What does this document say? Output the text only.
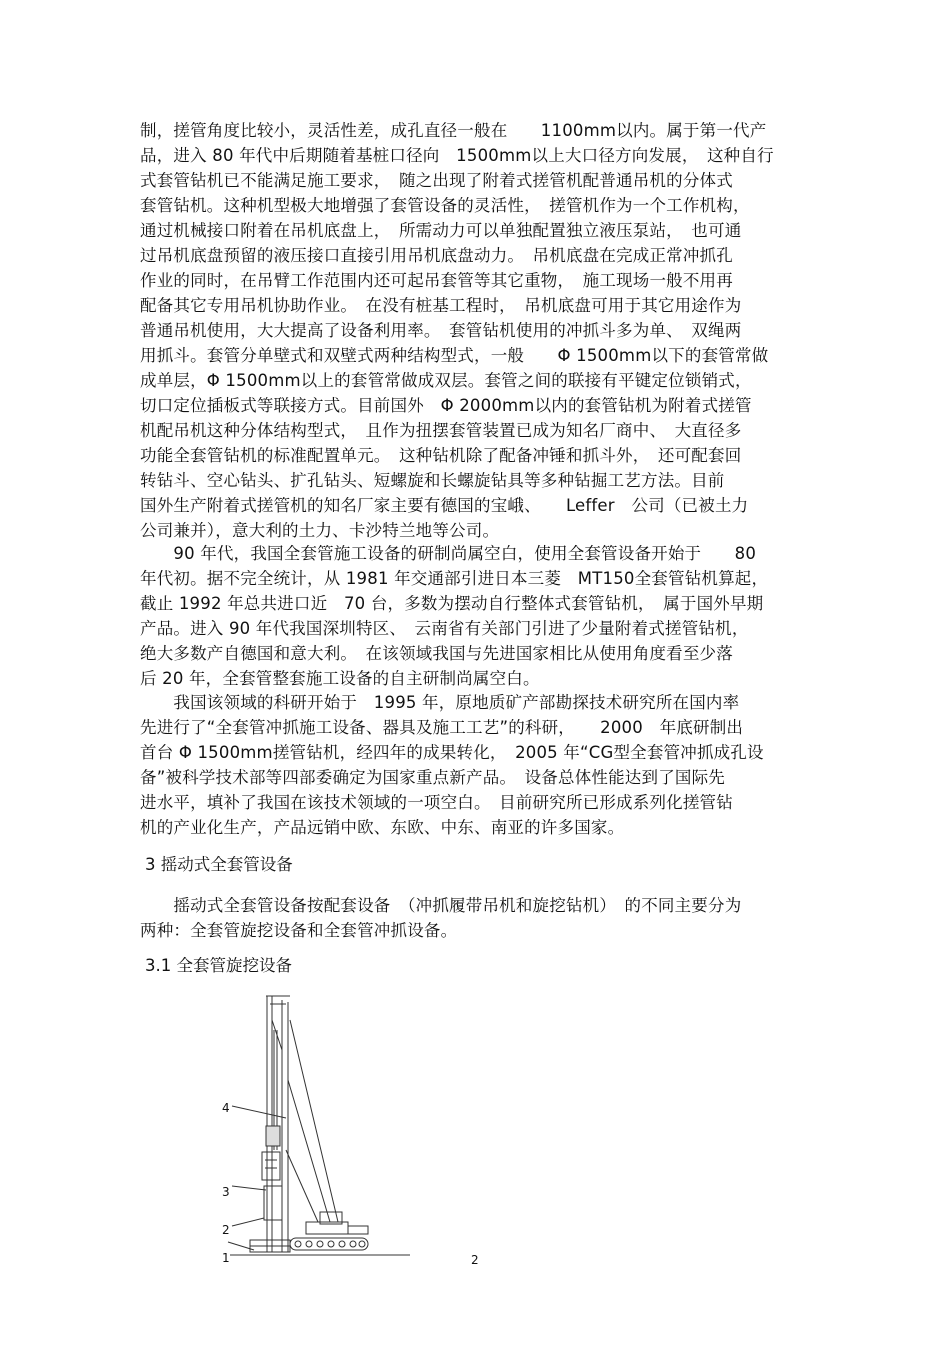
制，搓管角度比较小，灵活性差，成孔直径一般在　　1100mm以内。属于第一代产
品，进入 80 年代中后期随着基桩口径向　1500mm以上大口径方向发展，　这种自行
式套管钻机已不能满足施工要求，　随之出现了附着式搓管机配普通吊机的分体式
套管钻机。这种机型极大地增强了套管设备的灵活性，　搓管机作为一个工作机构，
通过机械接口附着在吊机底盘上，　所需动力可以单独配置独立液压泵站，　也可通
过吊机底盘预留的液压接口直接引用吊机底盘动力。　吊机底盘在完成正常冲抓孔
作业的同时，在吊臂工作范围内还可起吊套管等其它重物，　施工现场一般不用再
配备其它专用吊机协助作业。　在没有桩基工程时，　吊机底盘可用于其它用途作为
普通吊机使用，大大提高了设备利用率。　套管钻机使用的冲抓斗多为单、　双绳两
用抓斗。套管分单壁式和双壁式两种结构型式，一般　　Φ 1500mm以下的套管常做
成单层，Φ 1500mm以上的套管常做成双层。套管之间的联接有平键定位锁销式，
切口定位插板式等联接方式。目前国外　Φ 2000mm以内的套管钻机为附着式搓管
机配吊机这种分体结构型式，　且作为扭摆套管装置已成为知名厂商中、　大直径多
功能全套管钻机的标准配置单元。　这种钻机除了配备冲锤和抓斗外，　还可配套回
转钻斗、空心钻头、扩孔钻头、短螺旋和长螺旋钻具等多种钻掘工艺方法。目前
国外生产附着式搓管机的知名厂家主要有德国的宝峨、　　Leffer　公司（已被土力
公司兼并），意大利的土力、卡沙特兰地等公司。
　　90 年代，我国全套管施工设备的研制尚属空白，使用全套管设备开始于　　80
年代初。据不完全统计，从 1981 年交通部引进日本三菱　MT150全套管钻机算起，
截止 1992 年总共进口近　70 台，多数为摆动自行整体式套管钻机，　属于国外早期
产品。进入 90 年代我国深圳特区、　云南省有关部门引进了少量附着式搓管钻机，
绝大多数产自德国和意大利。　在该领域我国与先进国家相比从使用角度看至少落
后 20 年，全套管整套施工设备的自主研制尚属空白。
　　我国该领域的科研开始于　1995 年，原地质矿产部勘探技术研究所在国内率
先进行了“全套管冲抓施工设备、器具及施工工艺”的科研，　　2000　年底研制出
首台 Φ 1500mm搓管钻机，经四年的成果转化，　2005 年“CG型全套管冲抓成孔设
备”被科学技术部等四部委确定为国家重点新产品。　设备总体性能达到了国际先
进水平，填补了我国在该技术领域的一项空白。　目前研究所已形成系列化搓管钻
机的产业化生产，产品远销中欧、东欧、中东、南亚的许多国家。
3 摇动式全套管设备
　　摇动式全套管设备按配套设备　（冲抓履带吊机和旋挖钻机）　的不同主要分为
两种：全套管旋挖设备和全套管冲抓设备。
3.1 全套管旋挖设备
4
3
2
1	2
